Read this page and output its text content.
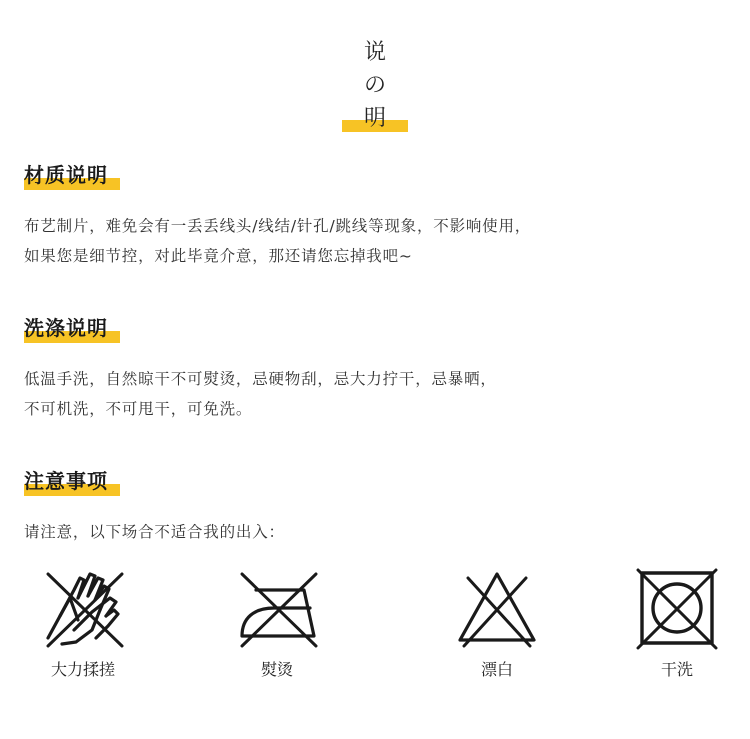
说
の
明
材质说明
布艺制片，难免会有一丢丢线头/线结/针孔/跳线等现象，不影响使用，
如果您是细节控，对此毕竟介意，那还请您忘掉我吧~
洗涤说明
低温手洗，自然晾干不可熨烫，忌硬物刮，忌大力拧干，忌暴晒，
不可机洗，不可甩干，可免洗。
注意事项
请注意，以下场合不适合我的出入：
大力揉搓	熨烫	漂白	干洗
